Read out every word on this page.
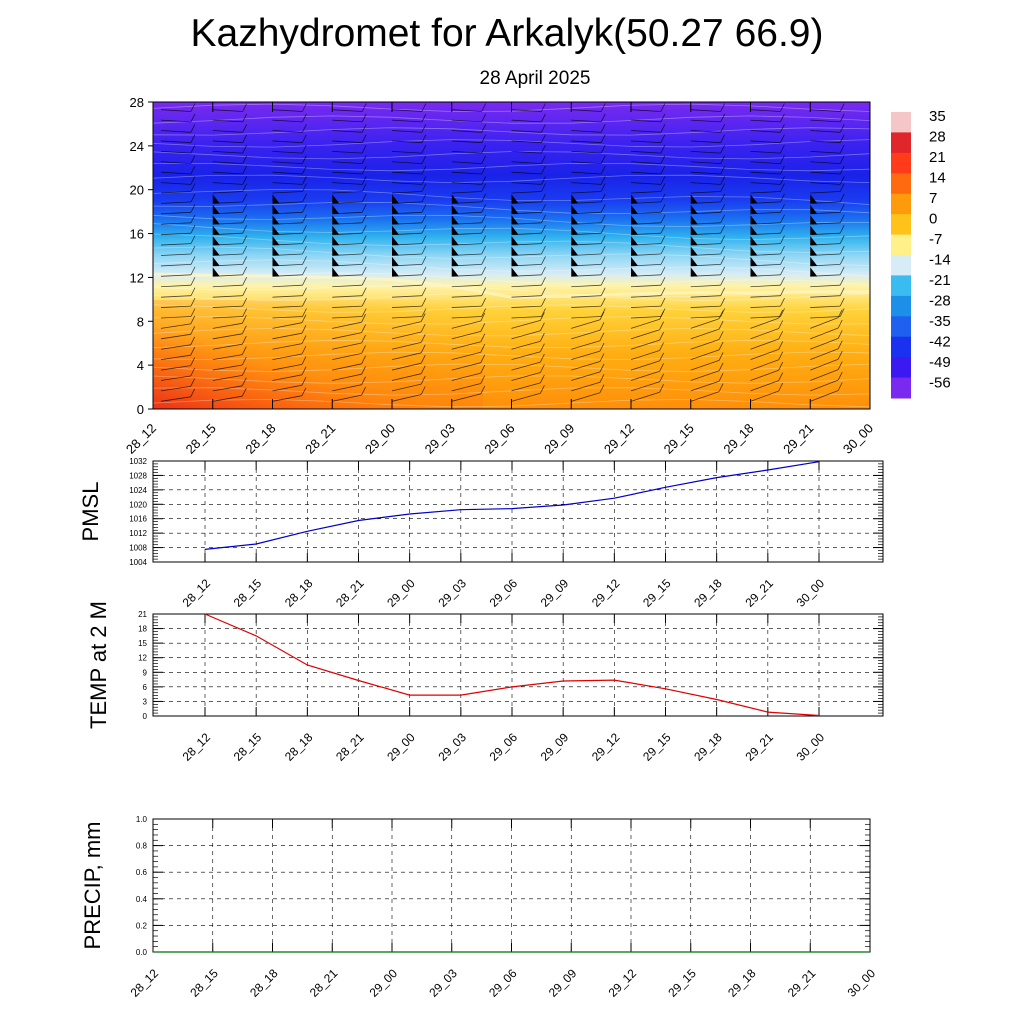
Kazhydromet for Arkalyk(50.27 66.9)
28 April 2025
0
4
8
12
16
20
24
28
28_12 28_15 28_18 28_21 29_00 29_03 29_06 29_09 29_12 29_15 29_18 29_21 30_00
35
28
21
14
7
0
-7
-14
-21
-28
-35
-42
-49
-56
1004
1008
1012
1016
1020
1024
1028
1032
28_12 28_15 28_18 28_21 29_00 29_03 29_06 29_09 29_12 29_15 29_18 29_21 30_00
PMSL
0
3
6
9
12
15
18
21
28_12 28_15 28_18 28_21 29_00 29_03 29_06 29_09 29_12 29_15 29_18 29_21 30_00
TEMP at 2 M
0.0
0.2
0.4
0.6
0.8
1.0
28_12 28_15 28_18 28_21 29_00 29_03 29_06 29_09 29_12 29_15 29_18 29_21 30_00
PRECIP, mm
